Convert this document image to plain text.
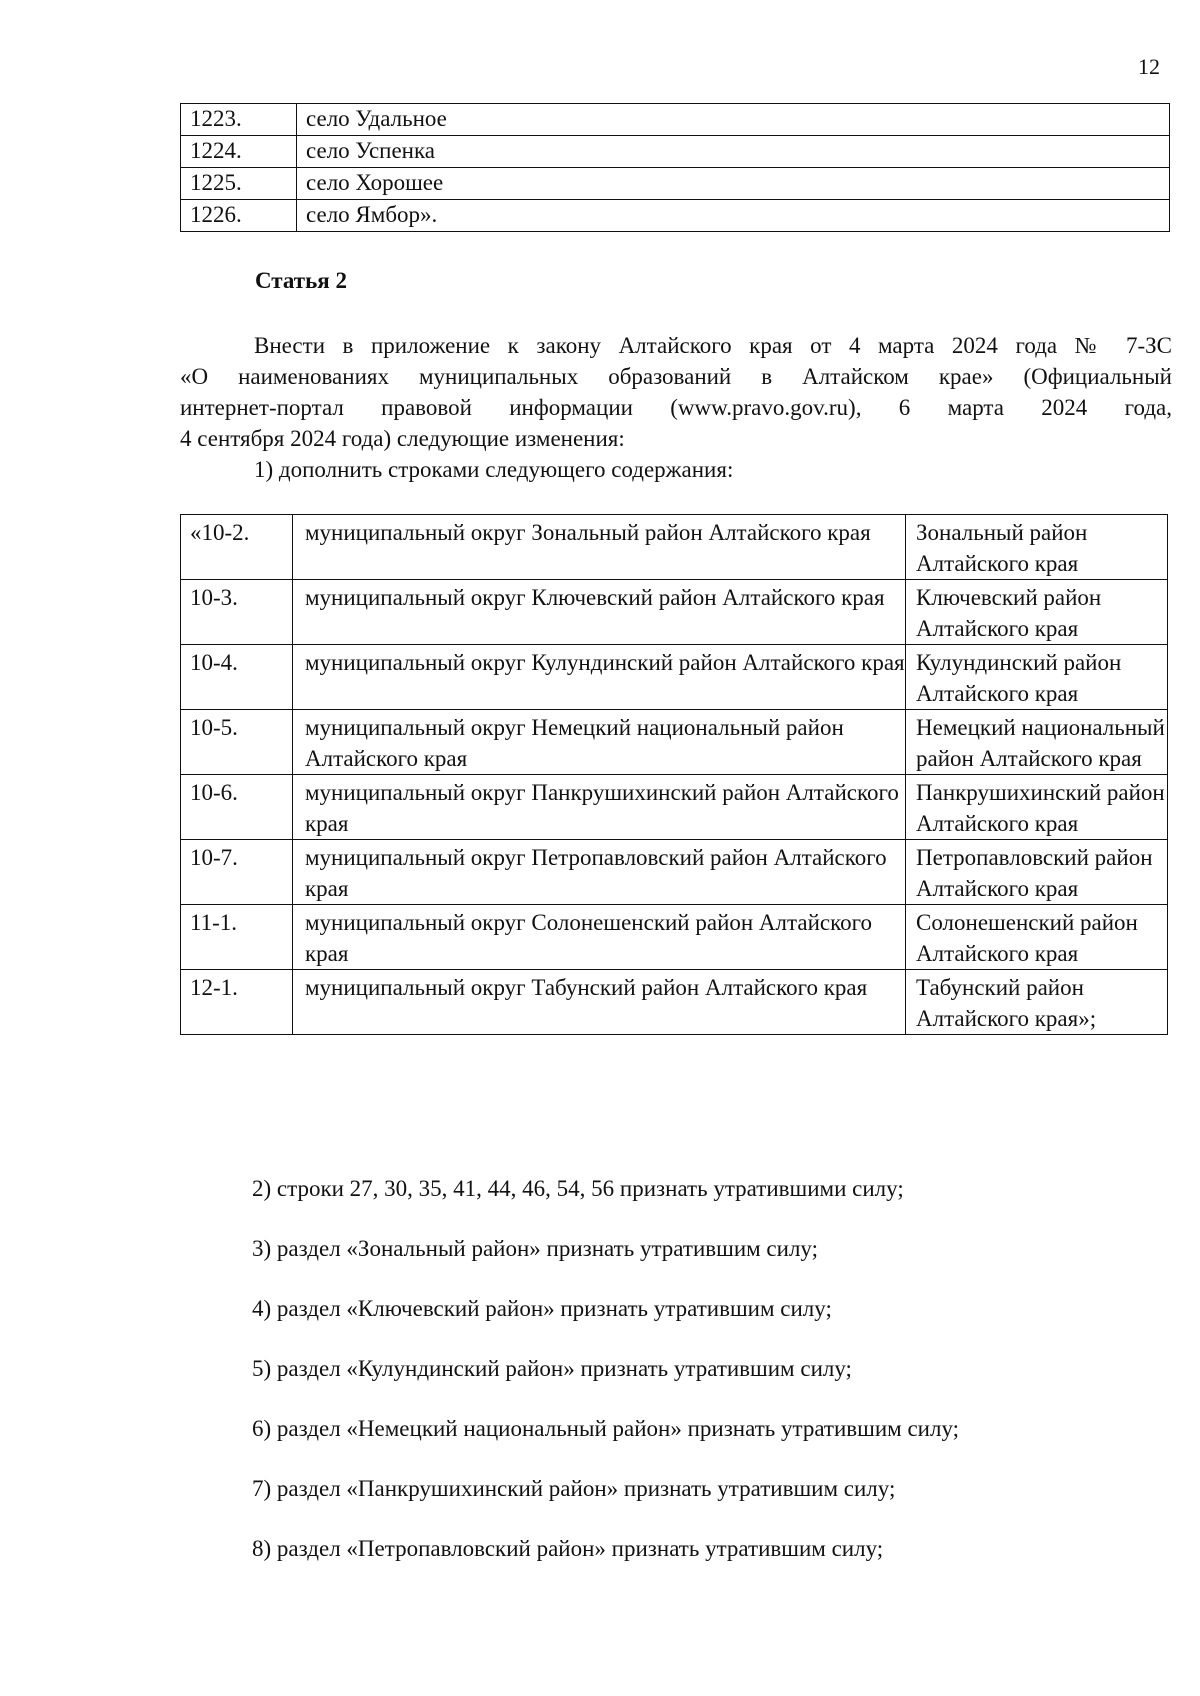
12
1223.	село Удальное
1224.	село Успенка
1225.	село Хорошее
1226.	село Ямбор».
Статья 2
Внести в приложение к закону Алтайского края от 4 марта 2024 года № 7-ЗС
«О наименованиях муниципальных образований в Алтайском крае» (Официальный
интернет-портал правовой информации (www.pravo.gov.ru), 6 марта 2024 года,
4 сентября 2024 года) следующие изменения:
1) дополнить строками следующего содержания:
«10-2.	муниципальный округ Зональный район Алтайского края	Зональный район Алтайского края
10-3.	муниципальный округ Ключевский район Алтайского края	Ключевский район Алтайского края
10-4.	муниципальный округ Кулундинский район Алтайского края	Кулундинский район Алтайского края
10-5.	муниципальный округ Немецкий национальный район Алтайского края	Немецкий национальный район Алтайского края
10-6.	муниципальный округ Панкрушихинский район Алтайского края	Панкрушихинский район Алтайского края
10-7.	муниципальный округ Петропавловский район Алтайского края	Петропавловский район Алтайского края
11-1.	муниципальный округ Солонешенский район Алтайского края	Солонешенский район Алтайского края
12-1.	муниципальный округ Табунский район Алтайского края	Табунский район Алтайского края»;
2) строки 27, 30, 35, 41, 44, 46, 54, 56 признать утратившими силу;
3) раздел «Зональный район» признать утратившим силу;
4) раздел «Ключевский район» признать утратившим силу;
5) раздел «Кулундинский район» признать утратившим силу;
6) раздел «Немецкий национальный район» признать утратившим силу;
7) раздел «Панкрушихинский район» признать утратившим силу;
8) раздел «Петропавловский район» признать утратившим силу;
